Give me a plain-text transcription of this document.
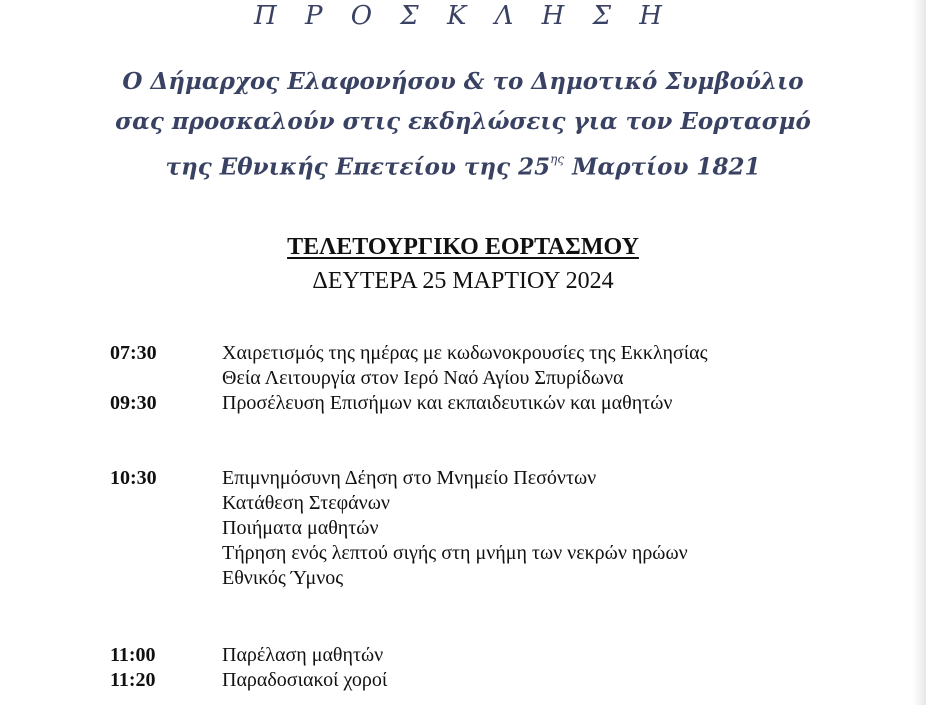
Π Ρ Ο Σ Κ Λ Η Σ Η
Ο Δήμαρχος Ελαφονήσου & το Δημοτικό Συμβούλιο
σας προσκαλούν στις εκδηλώσεις για τον Εορτασμό
της Εθνικής Επετείου της $25^{\eta\varsigma}$ Μαρτίου 1821
ΤΕΛΕΤΟΥΡΓΙΚΟ ΕΟΡΤΑΣΜΟΥ
ΔΕΥΤΕΡΑ 25 ΜΑΡΤΙΟΥ 2024
07:30	Χαιρετισμός της ημέρας με κωδωνοκρουσίες της Εκκλησίας
Θεία Λειτουργία στον Ιερό Ναό Αγίου Σπυρίδωνα
09:30	Προσέλευση Επισήμων και εκπαιδευτικών και μαθητών
10:30	Επιμνημόσυνη Δέηση στο Μνημείο Πεσόντων
Κατάθεση Στεφάνων
Ποιήματα μαθητών
Τήρηση ενός λεπτού σιγής στη μνήμη των νεκρών ηρώων
Εθνικός Ύμνος
11:00	Παρέλαση μαθητών
11:20	Παραδοσιακοί χοροί
